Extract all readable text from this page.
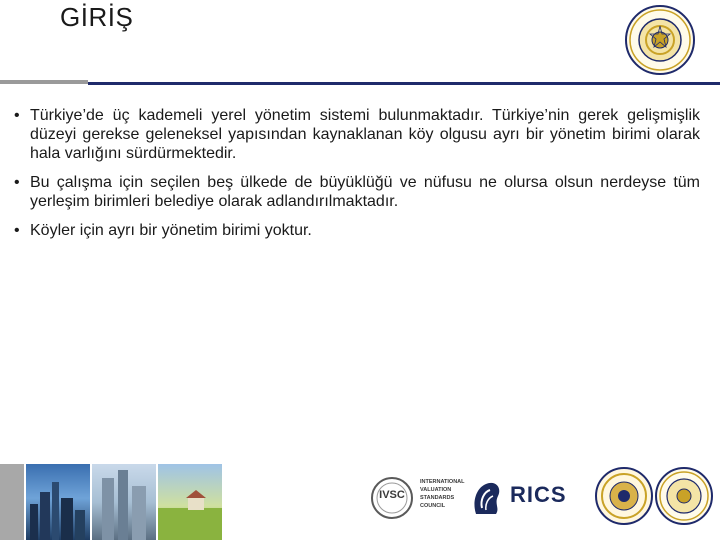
GİRİŞ
• Türkiye’de üç kademeli yerel yönetim sistemi bulunmaktadır. Türkiye’nin gerek gelişmişlik düzeyi gerekse geleneksel yapısından kaynaklanan köy olgusu ayrı bir yönetim birimi olarak hala varlığını sürdürmektedir.
• Bu çalışma için seçilen beş ülkede de büyüklüğü ve nüfusu ne olursa olsun nerdeyse tüm yerleşim birimleri belediye olarak adlandırılmaktadır.
• Köyler için ayrı bir yönetim birimi yoktur.
IVSC
INTERNATIONAL
VALUATION
STANDARDS
COUNCIL	RICS
